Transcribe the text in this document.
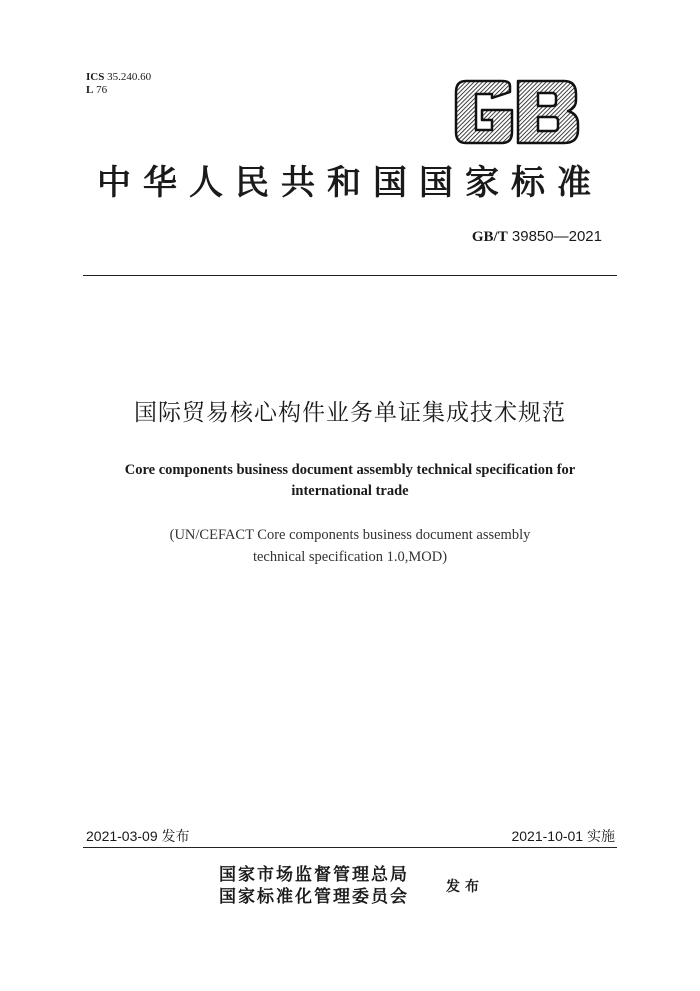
ICS 35.240.60
L 76
中华人民共和国国家标准
GB/T 39850—2021
国际贸易核心构件业务单证集成技术规范
Core components business document assembly technical specification for
international trade
(UN/CEFACT Core components business document assembly
technical specification 1.0,MOD)
2021-03-09 发布	2021-10-01 实施
国家市场监督管理总局
国家标准化管理委员会	发布
